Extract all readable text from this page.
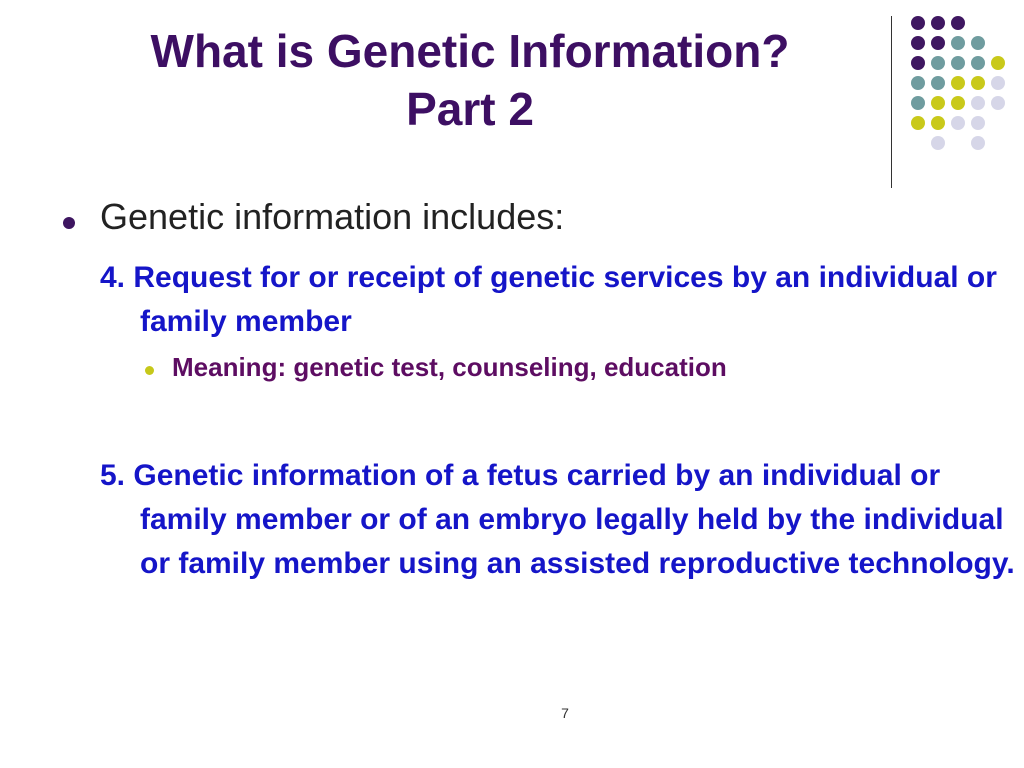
What is Genetic Information?
Part 2
Genetic information includes:
4. Request for or receipt of genetic services by an individual or family member
Meaning: genetic test, counseling, education
5. Genetic information of a fetus carried by an individual or family member or of an embryo legally held by the individual or family member using an assisted reproductive technology.
7
